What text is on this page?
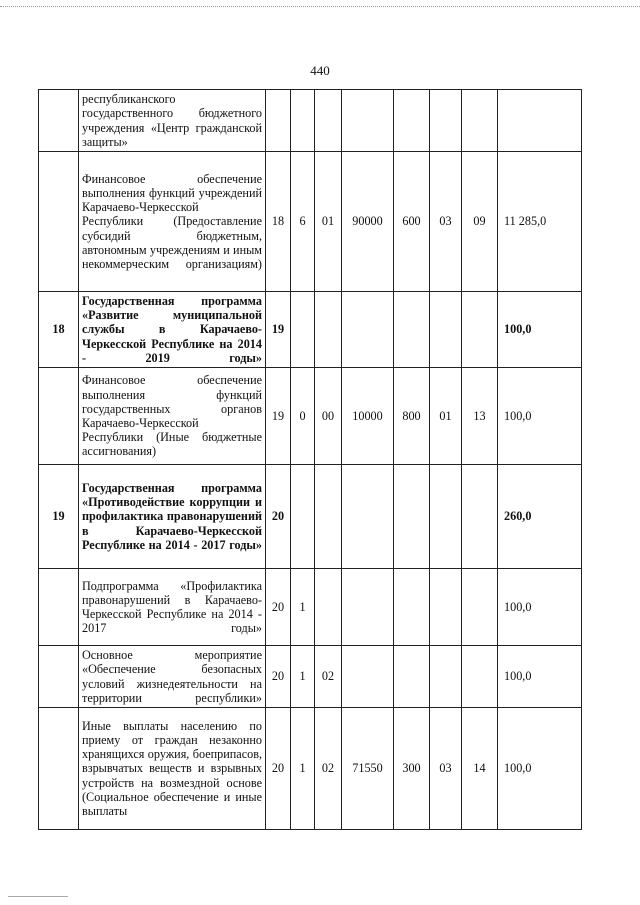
440
	республиканского государственного бюджетного учреждения «Центр гражданской защиты»								
	Финансовое обеспечение выполнения функций учреждений Карачаево-Черкесской Республики (Предоставление субсидий бюджетным, автономным учреждениям и иным некоммерческим организациям)	18	6	01	90000	600	03	09	11 285,0
18	Государственная программа «Развитие муниципальной службы в Карачаево-Черкесской Республике на 2014 - 2019 годы»	19							100,0
	Финансовое обеспечение выполнения функций государственных органов Карачаево-Черкесской Республики (Иные бюджетные ассигнования)	19	0	00	10000	800	01	13	100,0
19	Государственная программа «Противодействие коррупции и профилактика правонарушений в Карачаево-Черкесской Республике на 2014 - 2017 годы»	20							260,0
	Подпрограмма «Профилактика правонарушений в Карачаево-Черкесской Республике на 2014 - 2017 годы»	20	1						100,0
	Основное мероприятие «Обеспечение безопасных условий жизнедеятельности на территории республики»	20	1	02					100,0
	Иные выплаты населению по приему от граждан незаконно хранящихся оружия, боеприпасов, взрывчатых веществ и взрывных устройств на возмездной основе (Социальное обеспечение и иные выплаты	20	1	02	71550	300	03	14	100,0
